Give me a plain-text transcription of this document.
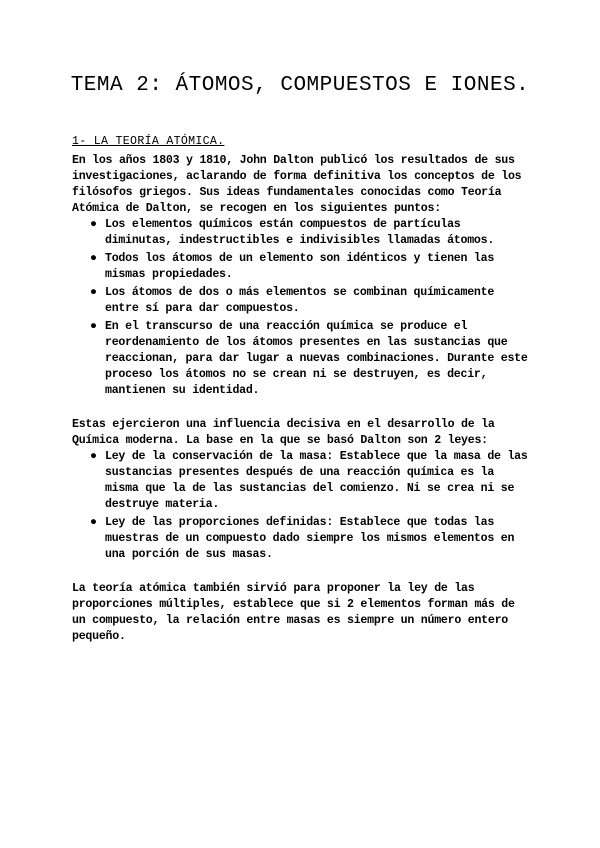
TEMA 2: ÁTOMOS, COMPUESTOS E IONES.
1- LA TEORÍA ATÓMICA.

En los años 1803 y 1810, John Dalton publicó los resultados de sus investigaciones, aclarando de forma definitiva los conceptos de los filósofos griegos. Sus ideas fundamentales conocidas como Teoría Atómica de Dalton, se recogen en los siguientes puntos:

● Los elementos químicos están compuestos de partículas diminutas, indestructibles e indivisibles llamadas átomos.
● Todos los átomos de un elemento son idénticos y tienen las mismas propiedades.
● Los átomos de dos o más elementos se combinan químicamente entre sí para dar compuestos.
● En el transcurso de una reacción química se produce el reordenamiento de los átomos presentes en las sustancias que reaccionan, para dar lugar a nuevas combinaciones. Durante este proceso los átomos no se crean ni se destruyen, es decir, mantienen su identidad.

Estas ejercieron una influencia decisiva en el desarrollo de la Química moderna. La base en la que se basó Dalton son 2 leyes:

● Ley de la conservación de la masa: Establece que la masa de las sustancias presentes después de una reacción química es la misma que la de las sustancias del comienzo. Ni se crea ni se destruye materia.
● Ley de las proporciones definidas: Establece que todas las muestras de un compuesto dado siempre los mismos elementos en una porción de sus masas.

La teoría atómica también sirvió para proponer la ley de las proporciones múltiples, establece que si 2 elementos forman más de un compuesto, la relación entre masas es siempre un número entero pequeño.
